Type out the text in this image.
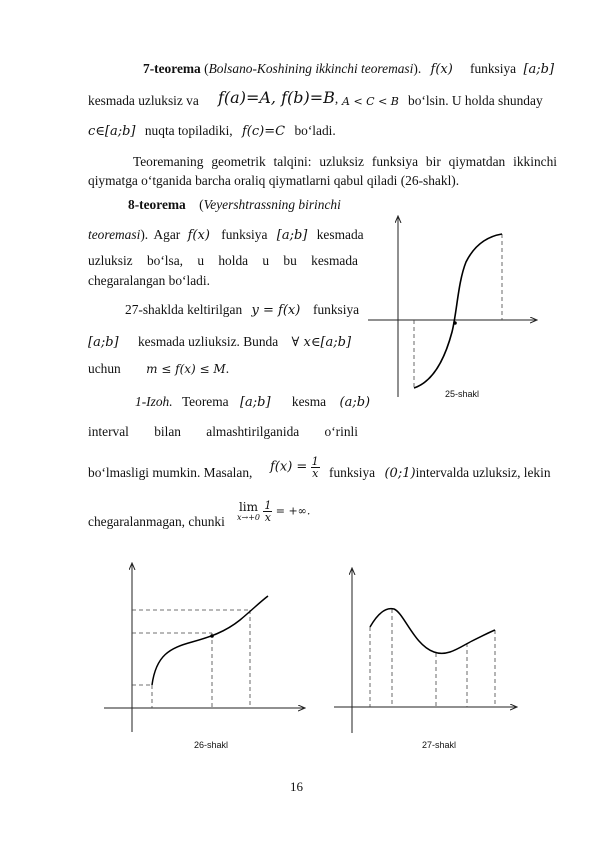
7-teorema (Bolsano-Koshining ikkinchi teoremasi). f(x) funksiya [a;b]
kesmada uzluksiz va f(a)=A, f(b)=B, A < C < B bo‘lsin. U holda shunday
c∈[a;b] nuqta topiladiki, f(c)=C bo‘ladi.
Teoremaning geometrik talqini: uzluksiz funksiya bir qiymatdan ikkinchi
qiymatga o‘tganida barcha oraliq qiymatlarni qabul qiladi (26-shakl).
8-teorema (Veyershtrassning birinchi
teoremasi). Agar f(x) funksiya [a;b] kesmada
uzluksiz bo‘lsa, u holda u bu kesmada
chegaralangan bo‘ladi.
27-shaklda keltirilgan y = f(x) funksiya
[a;b] kesmada uzliuksiz. Bunda ∀ x∈[a;b]
uchun m ≤ f(x) ≤ M.
1-Izoh. Teorema [a;b] kesma (a;b)
interval bilan almashtirilganida o‘rinli
bo‘lmasligi mumkin. Masalan, $f(x) = \frac{1}{x}$ funksiya (0;1)intervalda uzluksiz, lekin
chegaralanmagan, chunki
lim
x→+0
$\frac{1}{x}$ = +∞.
25-shakl
26-shakl	27-shakl
16
